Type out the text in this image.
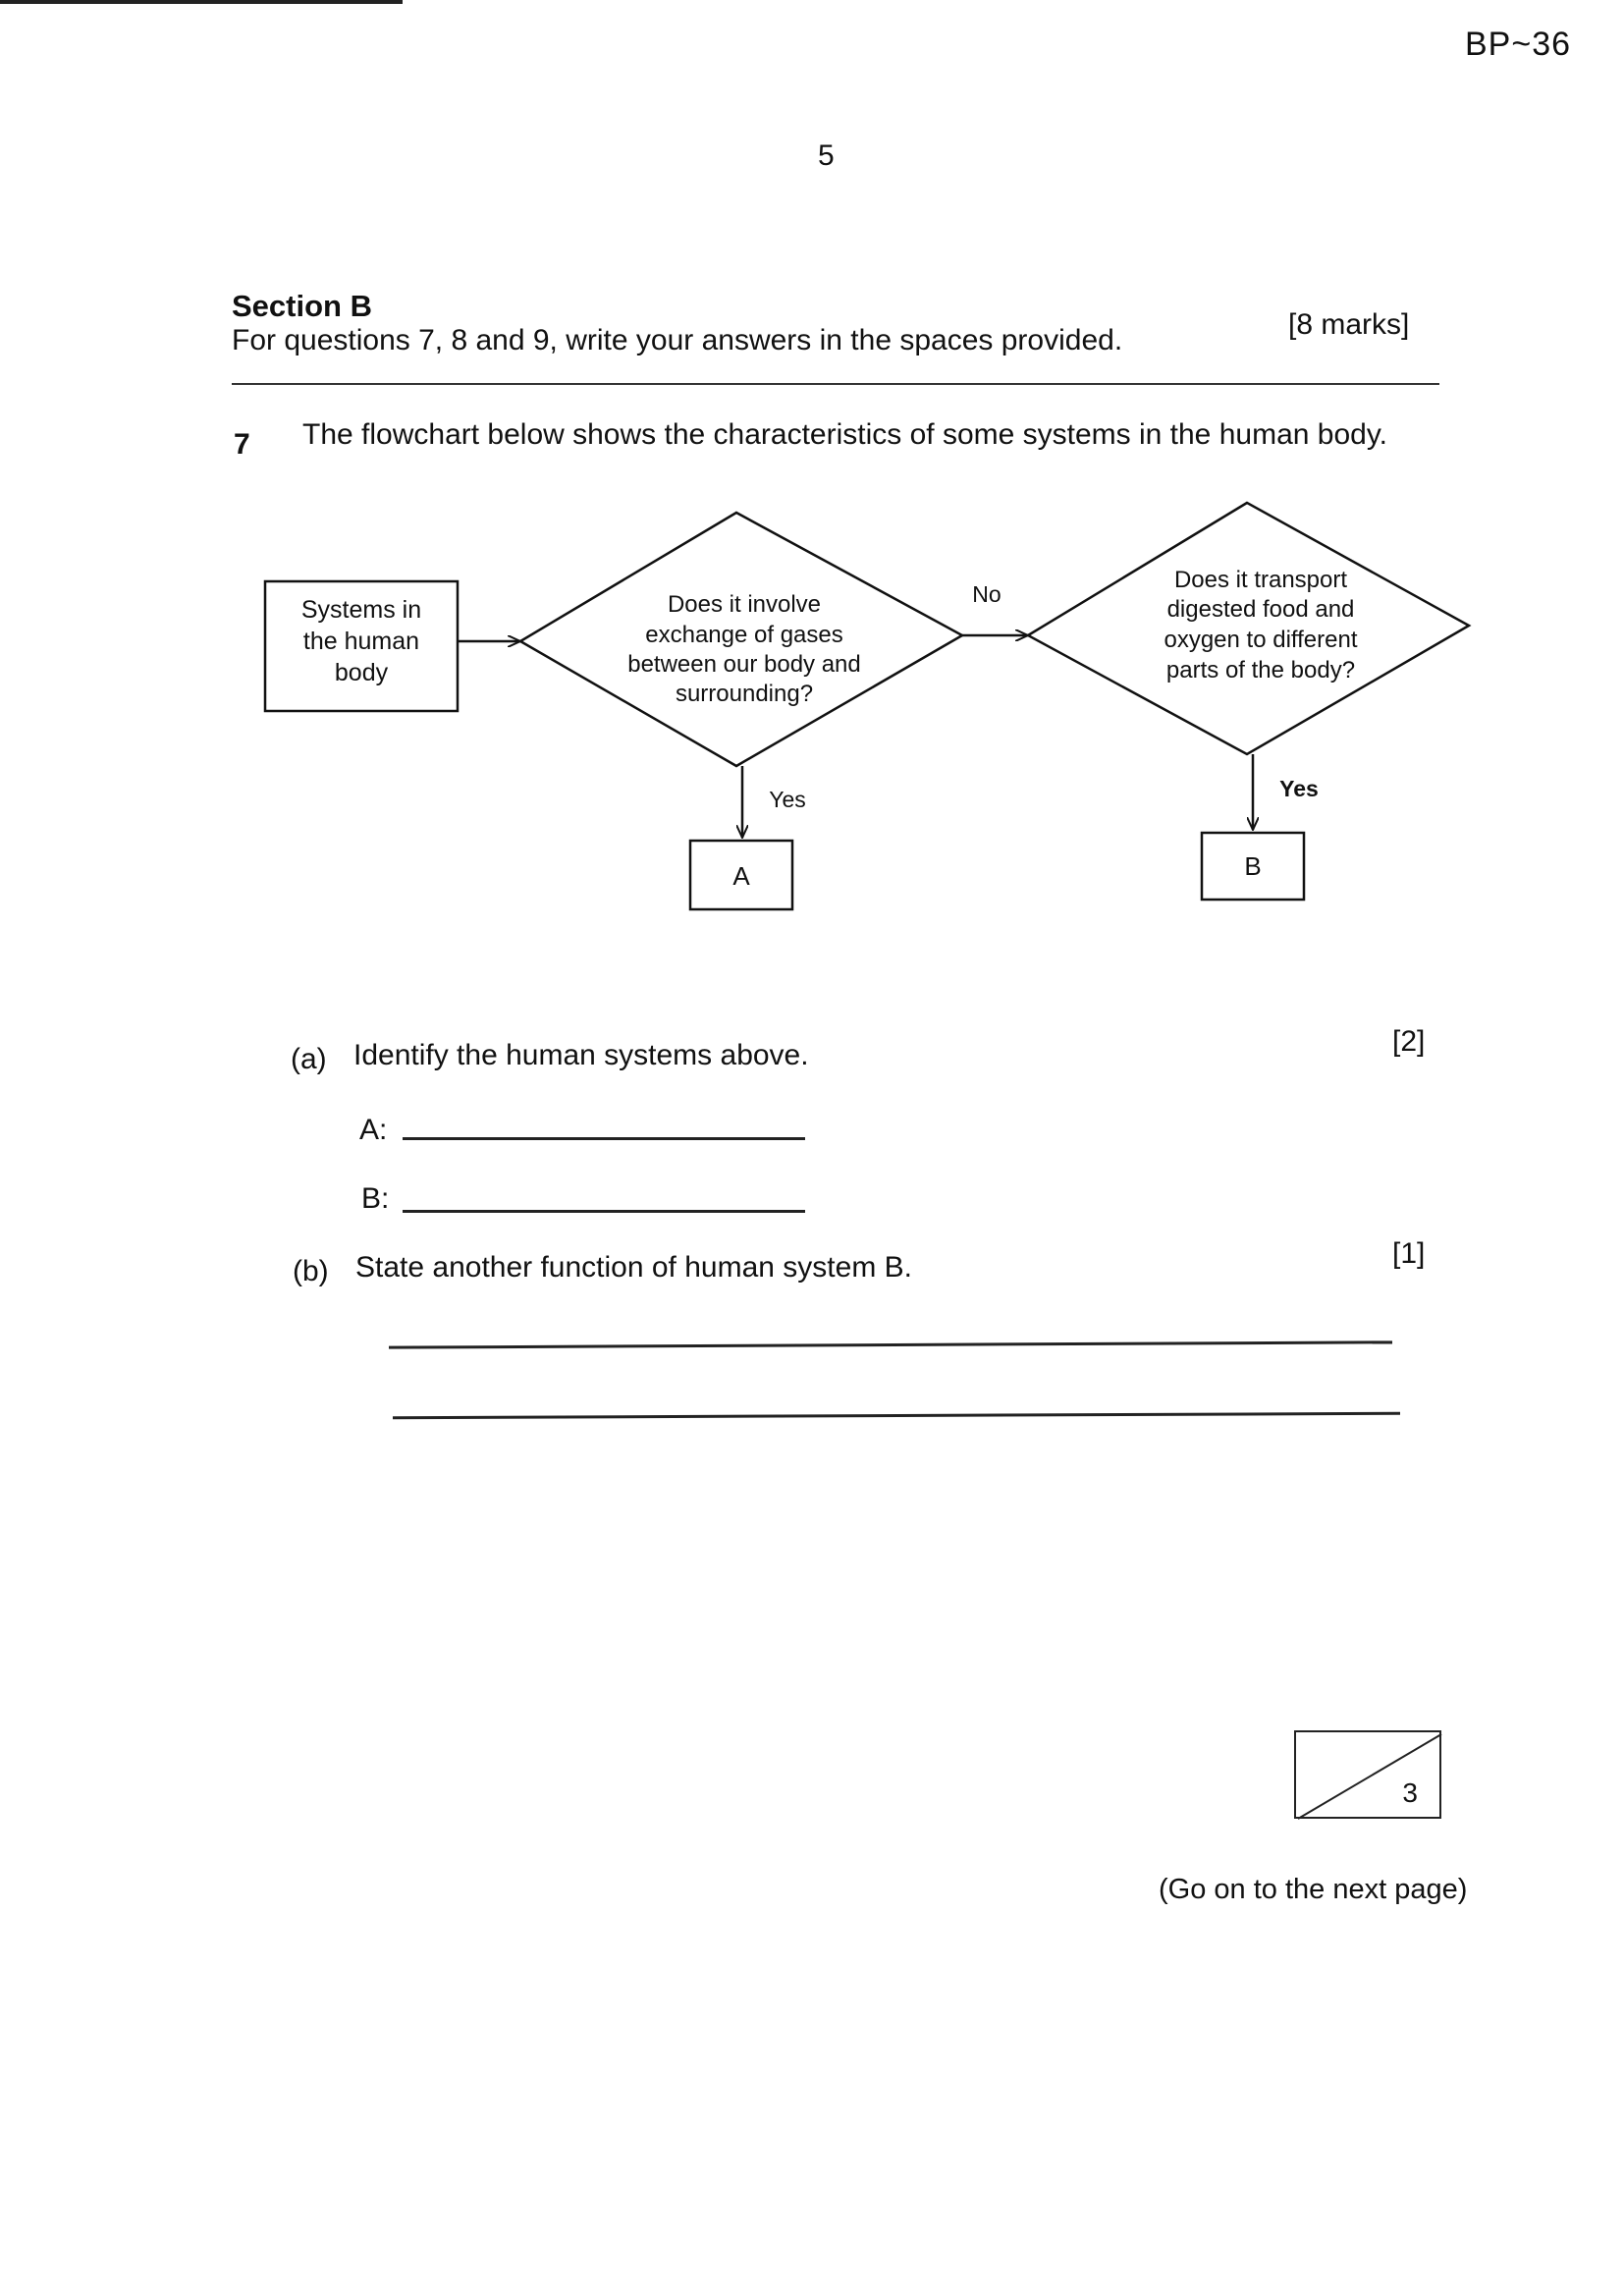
BP~36
5
Section B
For questions 7, 8 and 9, write your answers in the spaces provided.	[8 marks]
7 The flowchart below shows the characteristics of some systems in the human body.
Systems in
the human
body
Does it involve
exchange of gases
between our body and
surrounding?
No
Does it transport
digested food and
oxygen to different
parts of the body?
Yes
A
Yes
B
(a) Identify the human systems above.	[2]
A:
B:
(b) State another function of human system B.	[1]
3
(Go on to the next page)
